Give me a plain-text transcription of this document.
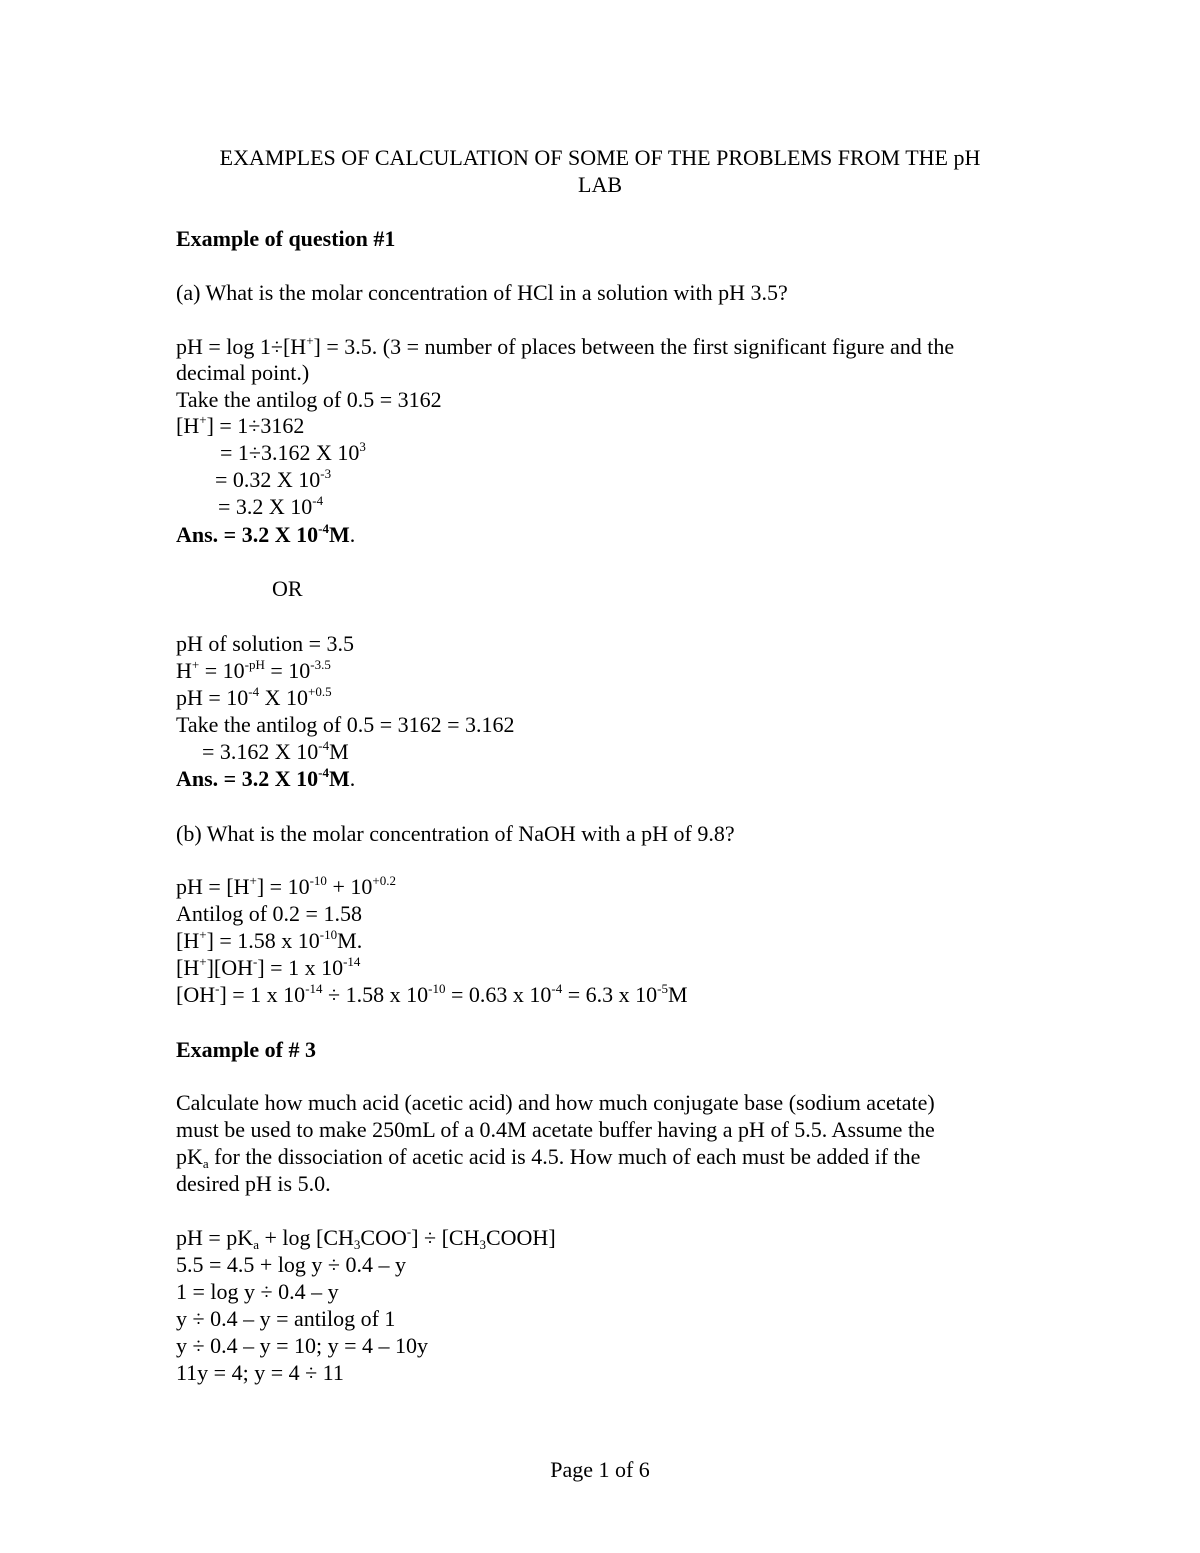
EXAMPLES OF CALCULATION OF SOME OF THE PROBLEMS FROM THE pH
LAB
Example of question #1
(a) What is the molar concentration of HCl in a solution with pH 3.5?
pH = log 1÷[H+] = 3.5. (3 = number of places between the first significant figure and the
decimal point.)
Take the antilog of 0.5 = 3162
[H+] = 1÷3162
= 1÷3.162 X $10^3$
= 0.32 X $10^{-3}$
= 3.2 X $10^{-4}$
Ans. = 3.2 X $10^{-4}M$.
OR
pH of solution = 3.5
$H^+ = 10^{-pH} = 10^{-3.5}$
pH = $10^{-4}$ X $10^{+0.5}$
Take the antilog of 0.5 = 3162 = 3.162
= 3.162 X $10^{-4}M$
Ans. = 3.2 X $10^{-4}M$.
(b) What is the molar concentration of NaOH with a pH of 9.8?
pH = $[H^+] = 10^{-10} + 10^{+0.2}$
Antilog of 0.2 = 1.58
[H+] = 1.58 x $10^{-10}M$.
[H+][OH-] = 1 x $10^{-14}$
[OH-] = 1 x $10^{-14} \div 1.58$ x $10^{-10} = 0.63$ x $10^{-4} = 6.3$ x $10^{-5}M$
Example of # 3
Calculate how much acid (acetic acid) and how much conjugate base (sodium acetate)
must be used to make 250mL of a 0.4M acetate buffer having a pH of 5.5. Assume the
$pK_a$ for the dissociation of acetic acid is 4.5. How much of each must be added if the
desired pH is 5.0.
pH = $pK_a + \log [CH_3COO^-]$ ÷ $[CH_3COOH]$
5.5 = 4.5 + log y ÷ 0.4 – y
1 = log y ÷ 0.4 – y
y ÷ 0.4 – y = antilog of 1
y ÷ 0.4 – y = 10; y = 4 – 10y
11y = 4; y = 4 ÷ 11
Page 1 of 6
